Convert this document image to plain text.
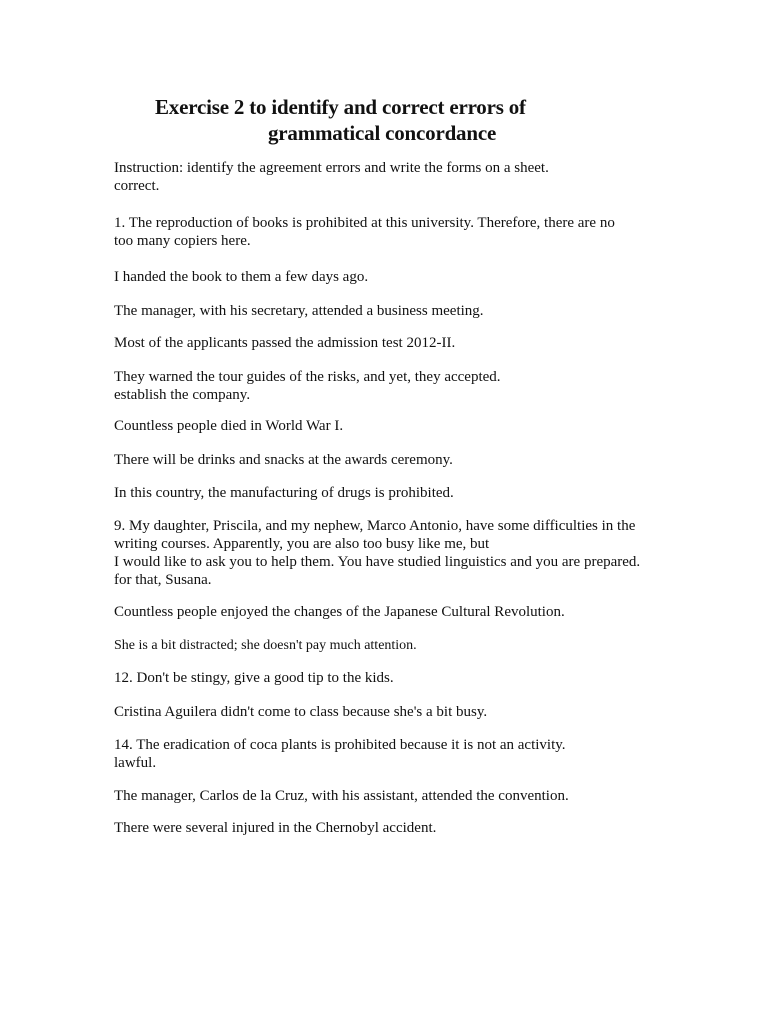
Exercise 2 to identify and correct errors of
grammatical concordance
Instruction: identify the agreement errors and write the forms on a sheet.
correct.
1. The reproduction of books is prohibited at this university. Therefore, there are no
too many copiers here.
I handed the book to them a few days ago.
The manager, with his secretary, attended a business meeting.
Most of the applicants passed the admission test 2012-II.
They warned the tour guides of the risks, and yet, they accepted.
establish the company.
Countless people died in World War I.
There will be drinks and snacks at the awards ceremony.
In this country, the manufacturing of drugs is prohibited.
9. My daughter, Priscila, and my nephew, Marco Antonio, have some difficulties in the
writing courses. Apparently, you are also too busy like me, but
I would like to ask you to help them. You have studied linguistics and you are prepared.
for that, Susana.
Countless people enjoyed the changes of the Japanese Cultural Revolution.
She is a bit distracted; she doesn't pay much attention.
12. Don't be stingy, give a good tip to the kids.
Cristina Aguilera didn't come to class because she's a bit busy.
14. The eradication of coca plants is prohibited because it is not an activity.
lawful.
The manager, Carlos de la Cruz, with his assistant, attended the convention.
There were several injured in the Chernobyl accident.
